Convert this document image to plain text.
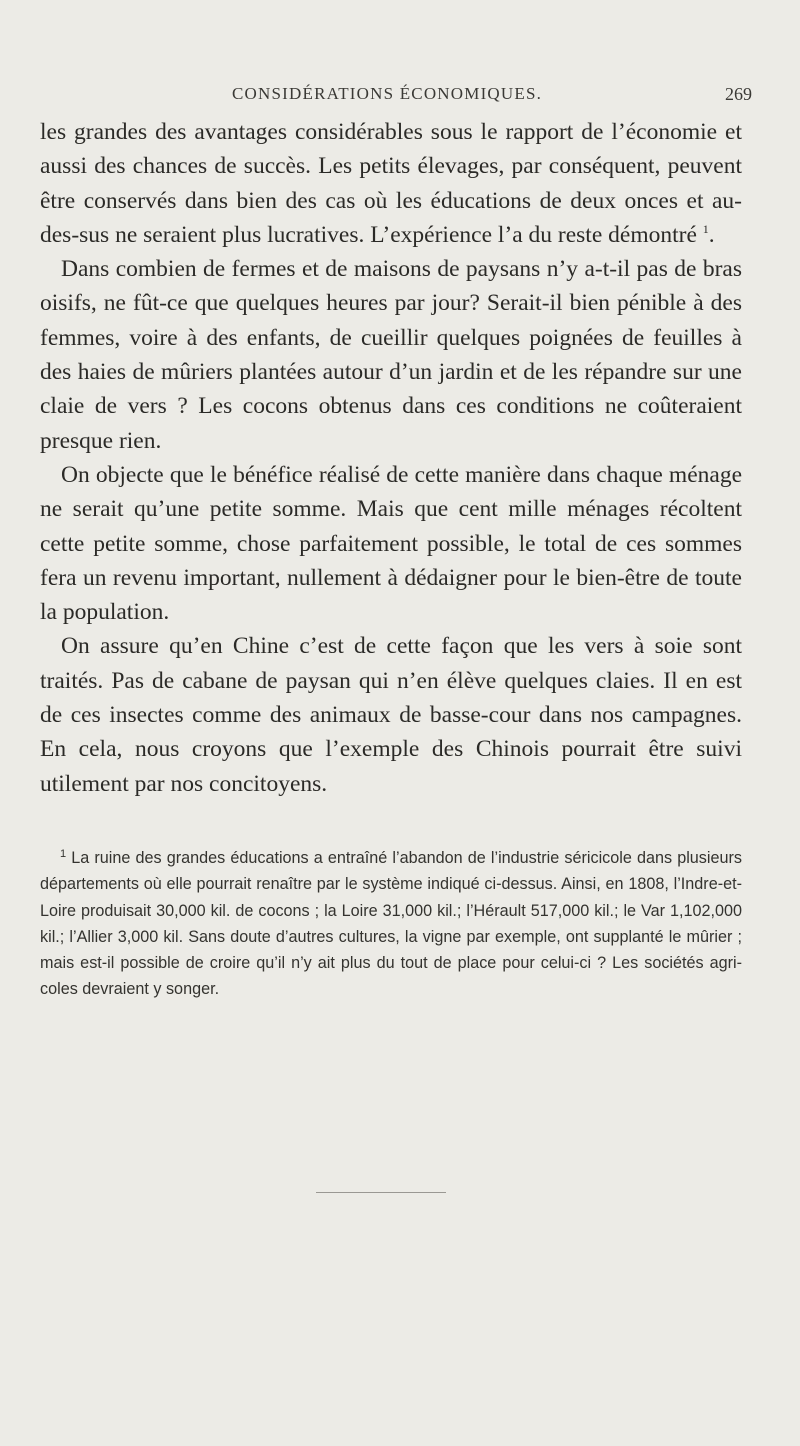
CONSIDÉRATIONS ÉCONOMIQUES.	269

les grandes des avantages considérables sous le rapport de l’économie et aussi des chances de succès. Les petits élevages, par conséquent, peuvent être conservés dans bien des cas où les éducations de deux onces et au-des-sus ne seraient plus lucratives. L’expérience l’a du reste démontré $^1$.

Dans combien de fermes et de maisons de paysans n’y a-t-il pas de bras oisifs, ne fût-ce que quelques heures par jour? Serait-il bien pénible à des femmes, voire à des enfants, de cueillir quelques poignées de feuilles à des haies de mûriers plantées autour d’un jardin et de les répandre sur une claie de vers ? Les cocons obtenus dans ces conditions ne coûteraient presque rien.

On objecte que le bénéfice réalisé de cette manière dans chaque ménage ne serait qu’une petite somme. Mais que cent mille ménages récoltent cette petite somme, chose parfaitement possible, le total de ces sommes fera un revenu important, nullement à dédaigner pour le bien-être de toute la population.

On assure qu’en Chine c’est de cette façon que les vers à soie sont traités. Pas de cabane de paysan qui n’en élève quelques claies. Il en est de ces insectes comme des animaux de basse-cour dans nos campagnes. En cela, nous croyons que l’exemple des Chinois pourrait être suivi utilement par nos concitoyens.

$^1$ La ruine des grandes éducations a entraîné l’abandon de l’industrie séricicole dans plusieurs départements où elle pourrait renaître par le système indiqué ci-dessus. Ainsi, en 1808, l’Indre-et-Loire produisait 30,000 kil. de cocons ; la Loire 31,000 kil.; l’Hérault 517,000 kil.; le Var 1,102,000 kil.; l’Allier 3,000 kil. Sans doute d’autres cultures, la vigne par exemple, ont supplanté le mûrier ; mais est-il possible de croire qu’il n’y ait plus du tout de place pour celui-ci ? Les sociétés agri-coles devraient y songer.
